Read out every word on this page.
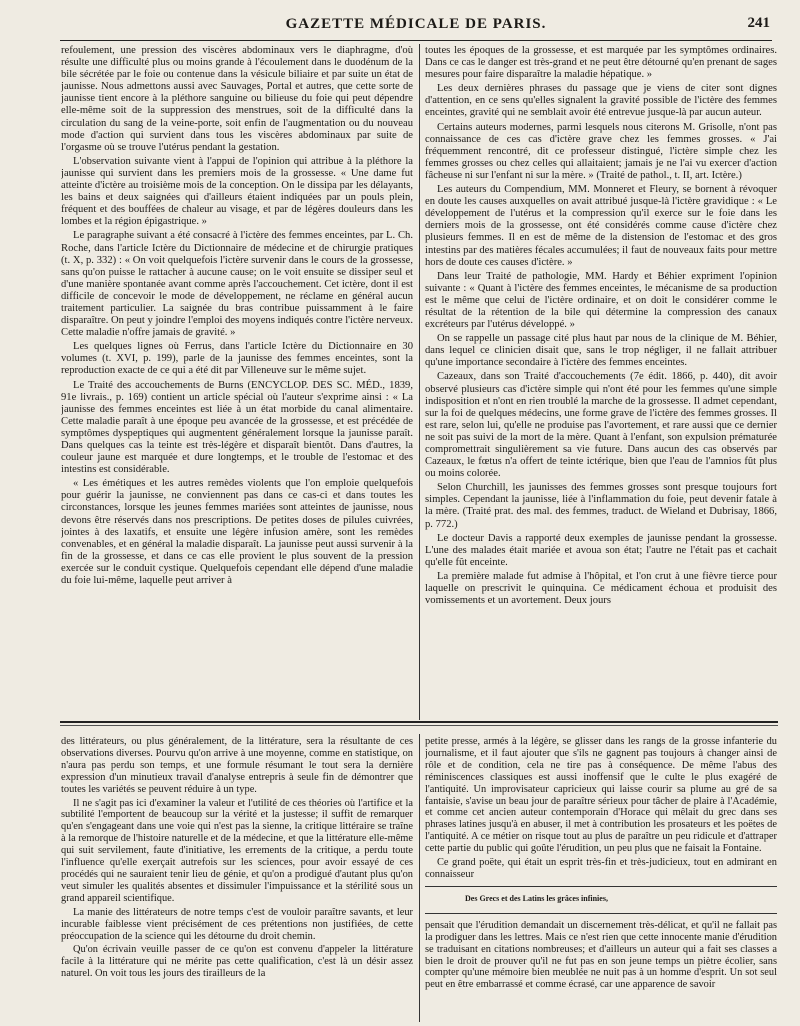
GAZETTE MÉDICALE DE PARIS.	241

refoulement, une pression des viscères abdominaux vers le diaphragme, d'où résulte une difficulté plus ou moins grande à l'écoulement dans le duodénum de la bile sécrétée par le foie ou contenue dans la vésicule biliaire et par suite un état de jaunisse. Nous admettons aussi avec Sauvages, Portal et autres, que cette sorte de jaunisse tient encore à la pléthore sanguine ou bilieuse du foie qui peut dépendre elle-même soit de la suppression des menstrues, soit de la difficulté dans la circulation du sang de la veine-porte, soit enfin de l'augmentation ou du nouveau mode d'action qui survient dans tous les viscères abdominaux par suite de l'orgasme où se trouve l'utérus pendant la gestation.

L'observation suivante vient à l'appui de l'opinion qui attribue à la pléthore la jaunisse qui survient dans les premiers mois de la grossesse. « Une dame fut atteinte d'ictère au troisième mois de la conception. On le dissipa par les délayants, les bains et deux saignées qui d'ailleurs étaient indiquées par un pouls plein, fréquent et des bouffées de chaleur au visage, et par de légères douleurs dans les lombes et la région épigastrique. »

Le paragraphe suivant a été consacré à l'ictère des femmes enceintes, par L. Ch. Roche, dans l'article Ictère du Dictionnaire de médecine et de chirurgie pratiques (t. X, p. 332) : « On voit quelquefois l'ictère survenir dans le cours de la grossesse, sans qu'on puisse le rattacher à aucune cause; on le voit ensuite se dissiper seul et d'une manière spontanée avant comme après l'accouchement. Cet ictère, dont il est difficile de concevoir le mode de développement, ne réclame en général aucun traitement particulier. La saignée du bras contribue puissamment à le faire disparaître. On peut y joindre l'emploi des moyens indiqués contre l'ictère nerveux. Cette maladie n'offre jamais de gravité. »

Les quelques lignes où Ferrus, dans l'article Ictère du Dictionnaire en 30 volumes (t. XVI, p. 199), parle de la jaunisse des femmes enceintes, sont la reproduction exacte de ce qui a été dit par Villeneuve sur le même sujet.

Le Traité des accouchements de Burns (ENCYCLOP. DES SC. MÉD., 1839, 91e livrais., p. 169) contient un article spécial où l'auteur s'exprime ainsi : « La jaunisse des femmes enceintes est liée à un état morbide du canal alimentaire. Cette maladie paraît à une époque peu avancée de la grossesse, et est précédée de symptômes dyspeptiques qui augmentent généralement lorsque la jaunisse paraît. Dans quelques cas la teinte est très-légère et disparaît bientôt. Dans d'autres, la couleur jaune est marquée et dure longtemps, et le trouble de l'estomac et des intestins est considérable.

« Les émétiques et les autres remèdes violents que l'on emploie quelquefois pour guérir la jaunisse, ne conviennent pas dans ce cas-ci et dans toutes les circonstances, lorsque les jeunes femmes mariées sont atteintes de jaunisse, nous devons être réservés dans nos prescriptions. De petites doses de pilules cuivrées, jointes à des laxatifs, et ensuite une légère infusion amère, sont les remèdes convenables, et en général la maladie disparaît. La jaunisse peut aussi survenir à la fin de la grossesse, et dans ce cas elle provient le plus souvent de la pression exercée sur le conduit cystique. Quelquefois cependant elle dépend d'une maladie du foie lui-même, laquelle peut arriver à

toutes les époques de la grossesse, et est marquée par les symptômes ordinaires. Dans ce cas le danger est très-grand et ne peut être détourné qu'en prenant de sages mesures pour faire disparaître la maladie hépatique. »

Les deux dernières phrases du passage que je viens de citer sont dignes d'attention, en ce sens qu'elles signalent la gravité possible de l'ictère des femmes enceintes, gravité qui ne semblait avoir été entrevue jusque-là par aucun auteur.

Certains auteurs modernes, parmi lesquels nous citerons M. Grisolle, n'ont pas connaissance de ces cas d'ictère grave chez les femmes grosses. « J'ai fréquemment rencontré, dit ce professeur distingué, l'ictère simple chez les femmes grosses ou chez celles qui allaitaient; jamais je ne l'ai vu exercer d'action fâcheuse ni sur l'enfant ni sur la mère. » (Traité de pathol., t. II, art. Ictère.)

Les auteurs du Compendium, MM. Monneret et Fleury, se bornent à révoquer en doute les causes auxquelles on avait attribué jusque-là l'ictère gravidique : « Le développement de l'utérus et la compression qu'il exerce sur le foie dans les derniers mois de la grossesse, ont été considérés comme cause d'ictère chez plusieurs femmes. Il en est de même de la distension de l'estomac et des gros intestins par des matières fécales accumulées; il faut de nouveaux faits pour mettre hors de doute ces causes d'ictère. »

Dans leur Traité de pathologie, MM. Hardy et Béhier expriment l'opinion suivante : « Quant à l'ictère des femmes enceintes, le mécanisme de sa production est le même que celui de l'ictère ordinaire, et on doit le considérer comme le résultat de la rétention de la bile qui détermine la compression des canaux excréteurs par l'utérus développé. »

On se rappelle un passage cité plus haut par nous de la clinique de M. Béhier, dans lequel ce clinicien disait que, sans le trop négliger, il ne fallait attribuer qu'une importance secondaire à l'ictère des femmes enceintes.

Cazeaux, dans son Traité d'accouchements (7e édit. 1866, p. 440), dit avoir observé plusieurs cas d'ictère simple qui n'ont été pour les femmes qu'une simple indisposition et n'ont en rien troublé la marche de la grossesse. Il admet cependant, sur la foi de quelques médecins, une forme grave de l'ictère des femmes grosses. Il est rare, selon lui, qu'elle ne produise pas l'avortement, et rare aussi que ce dernier ne soit pas suivi de la mort de la mère. Quant à l'enfant, son expulsion prématurée compromettrait singulièrement sa vie future. Dans aucun des cas observés par Cazeaux, le fœtus n'a offert de teinte ictérique, bien que l'eau de l'amnios fût plus ou moins colorée.

Selon Churchill, les jaunisses des femmes grosses sont presque toujours fort simples. Cependant la jaunisse, liée à l'inflammation du foie, peut devenir fatale à la mère. (Traité prat. des mal. des femmes, traduct. de Wieland et Dubrisay, 1866, p. 772.)

Le docteur Davis a rapporté deux exemples de jaunisse pendant la grossesse. L'une des malades était mariée et avoua son état; l'autre ne l'était pas et cachait qu'elle fût enceinte.

La première malade fut admise à l'hôpital, et l'on crut à une fièvre tierce pour laquelle on prescrivit le quinquina. Ce médicament échoua et produisit des vomissements et un avortement. Deux jours

des littérateurs, ou plus généralement, de la littérature, sera la résultante de ces observations diverses. Pourvu qu'on arrive à une moyenne, comme en statistique, on n'aura pas perdu son temps, et une formule résumant le tout sera la dernière expression d'un minutieux travail d'analyse entrepris à seule fin de démontrer que toutes les variétés se peuvent réduire à un type.

Il ne s'agit pas ici d'examiner la valeur et l'utilité de ces théories où l'artifice et la subtilité l'emportent de beaucoup sur la vérité et la justesse; il suffit de remarquer qu'en s'engageant dans une voie qui n'est pas la sienne, la critique littéraire se traîne à la remorque de l'histoire naturelle et de la médecine, et que la littérature elle-même qui suit servilement, faute d'initiative, les errements de la critique, a perdu toute l'influence qu'elle exerçait autrefois sur les sciences, pour avoir essayé de ces procédés qui ne sauraient tenir lieu de génie, et qu'on a prodigué d'autant plus qu'on veut simuler les qualités absentes et dissimuler l'impuissance et la stérilité sous un grand appareil scientifique.

La manie des littérateurs de notre temps c'est de vouloir paraître savants, et leur incurable faiblesse vient précisément de ces prétentions non justifiées, de cette préoccupation de la science qui les détourne du droit chemin.

Qu'on écrivain veuille passer de ce qu'on est convenu d'appeler la littérature facile à la littérature qui ne mérite pas cette qualification, c'est là un désir assez naturel. On voit tous les jours des tirailleurs de la

petite presse, armés à la légère, se glisser dans les rangs de la grosse infanterie du journalisme, et il faut ajouter que s'ils ne gagnent pas toujours à changer ainsi de rôle et de condition, cela ne tire pas à conséquence. De même l'abus des réminiscences classiques est aussi inoffensif que le culte le plus exagéré de l'antiquité. Un improvisateur capricieux qui laisse courir sa plume au gré de sa fantaisie, s'avise un beau jour de paraître sérieux pour tâcher de plaire à l'Académie, et comme cet ancien auteur contemporain d'Horace qui mêlait du grec dans ses phrases latines jusqu'à en abuser, il met à contribution les prosateurs et les poëtes de l'antiquité. A ce métier on risque tout au plus de paraître un peu ridicule et d'attraper cette partie du public qui goûte l'érudition, un peu plus que ne faisait la Fontaine.

Ce grand poëte, qui était un esprit très-fin et très-judicieux, tout en admirant en connaisseur

Des Grecs et des Latins les grâces infinies,

pensait que l'érudition demandait un discernement très-délicat, et qu'il ne fallait pas la prodiguer dans les lettres. Mais ce n'est rien que cette innocente manie d'érudition se traduisant en citations nombreuses; et d'ailleurs un auteur qui a fait ses classes a bien le droit de prouver qu'il ne fut pas en son jeune temps un piètre écolier, sans compter qu'une mémoire bien meublée ne nuit pas à un homme d'esprit. Un sot seul peut en être embarrassé et comme écrasé, car une apparence de savoir
